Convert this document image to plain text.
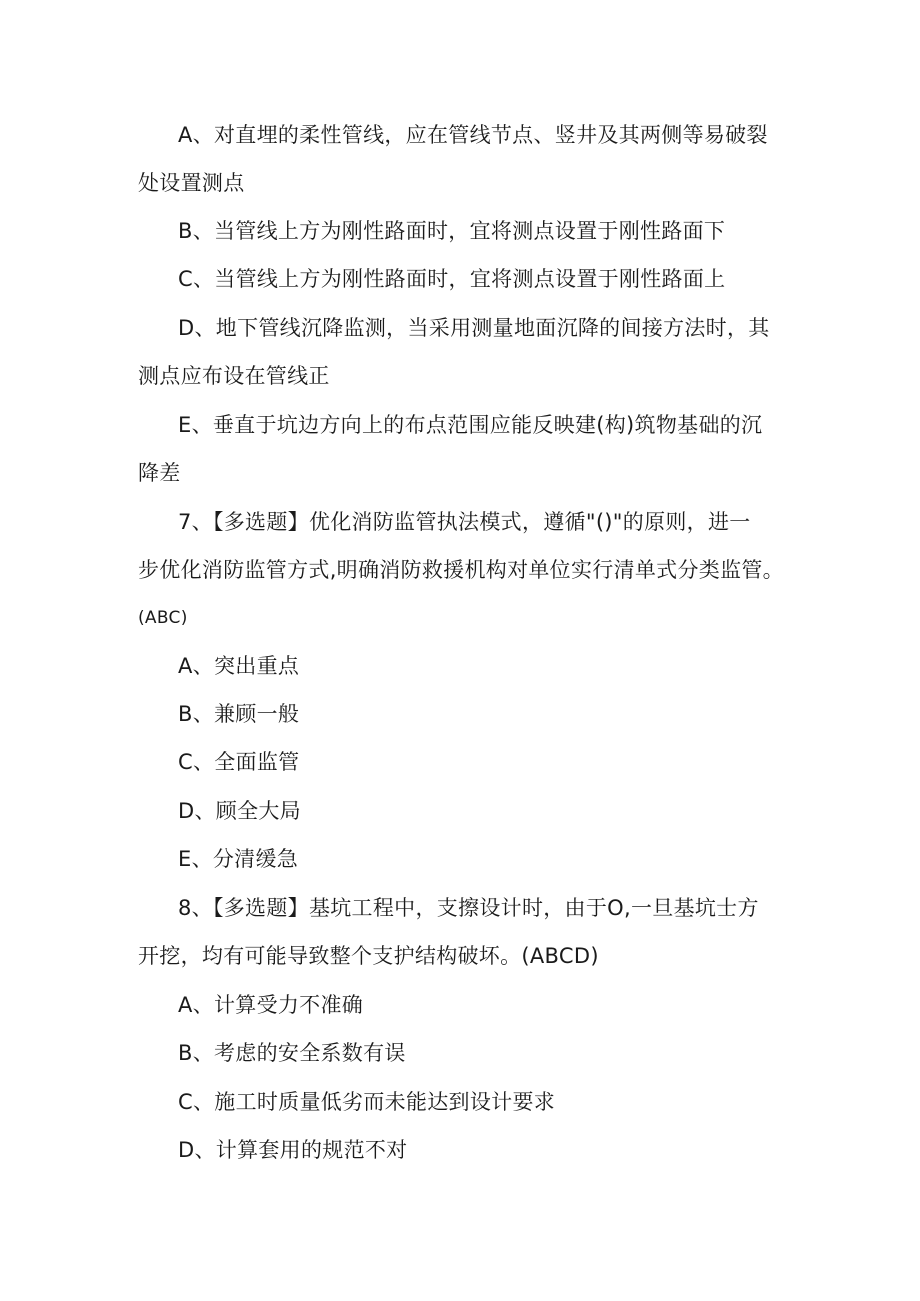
A、对直埋的柔性管线，应在管线节点、竖井及其两侧等易破裂
处设置测点
B、当管线上方为刚性路面时，宜将测点设置于刚性路面下
C、当管线上方为刚性路面时，宜将测点设置于刚性路面上
D、地下管线沉降监测，当采用测量地面沉降的间接方法时，其
测点应布设在管线正
E、垂直于坑边方向上的布点范围应能反映建(构)筑物基础的沉
降差
7、【多选题】优化消防监管执法模式，遵循"()"的原则，进一
步优化消防监管方式,明确消防救援机构对单位实行清单式分类监管。
(ABC)
A、突出重点
B、兼顾一般
C、全面监管
D、顾全大局
E、分清缓急
8、【多选题】基坑工程中，支擦设计时，由于O,一旦基坑士方
开挖，均有可能导致整个支护结构破坏。(ABCD)
A、计算受力不准确
B、考虑的安全系数有误
C、施工时质量低劣而未能达到设计要求
D、计算套用的规范不对
